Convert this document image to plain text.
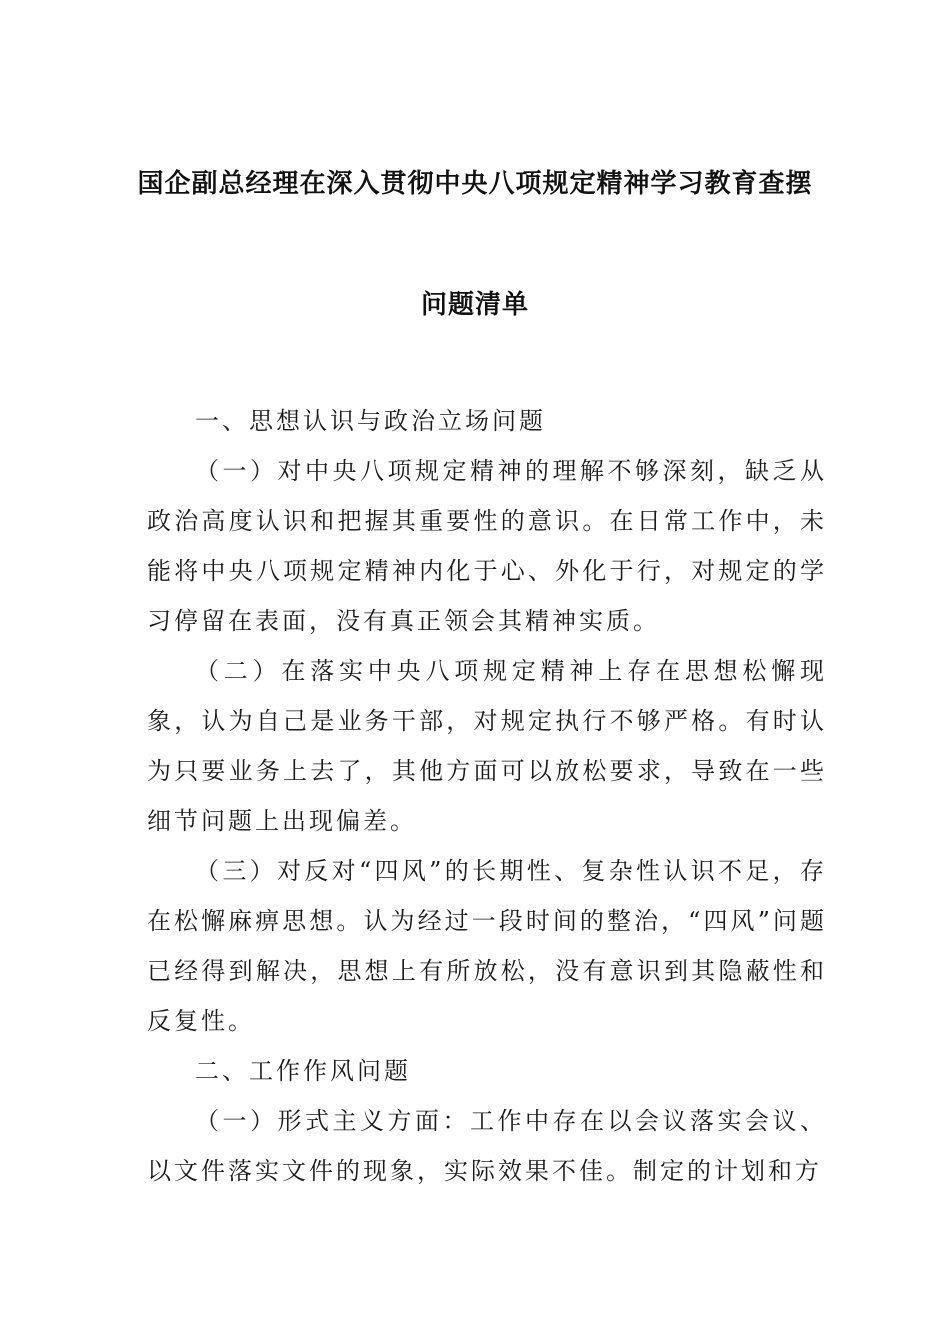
国企副总经理在深入贯彻中央八项规定精神学习教育查摆
问题清单

一、思想认识与政治立场问题

（一）对中央八项规定精神的理解不够深刻，缺乏从政治高度认识和把握其重要性的意识。在日常工作中，未能将中央八项规定精神内化于心、外化于行，对规定的学习停留在表面，没有真正领会其精神实质。

（二）在落实中央八项规定精神上存在思想松懈现象，认为自己是业务干部，对规定执行不够严格。有时认为只要业务上去了，其他方面可以放松要求，导致在一些细节问题上出现偏差。

（三）对反对“四风”的长期性、复杂性认识不足，存在松懈麻痹思想。认为经过一段时间的整治，“四风”问题已经得到解决，思想上有所放松，没有意识到其隐蔽性和反复性。

二、工作作风问题

（一）形式主义方面：工作中存在以会议落实会议、以文件落实文件的现象，实际效果不佳。制定的计划和方
